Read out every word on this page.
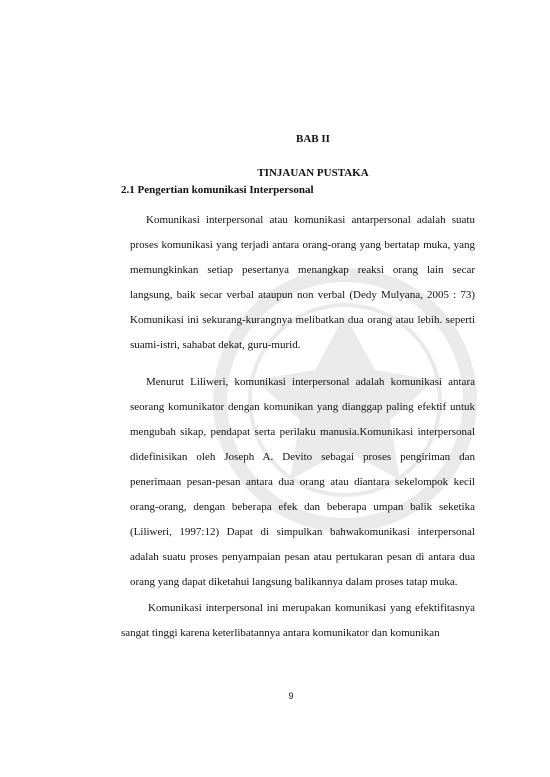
BAB II
TINJAUAN PUSTAKA
2.1 Pengertian komunikasi Interpersonal

Komunikasi interpersonal atau komunikasi antarpersonal adalah suatu proses komunikasi yang terjadi antara orang-orang yang bertatap muka, yang memungkinkan setiap pesertanya menangkap reaksi orang lain secar langsung, baik secar verbal ataupun non verbal (Dedy Mulyana, 2005 : 73) Komunikasi ini sekurang-kurangnya melibatkan dua orang atau lebih. seperti suami-istri, sahabat dekat, guru-murid.

Menurut Liliweri, komunikasi interpersonal adalah komunikasi antara seorang komunikator dengan komunikan yang dianggap paling efektif untuk mengubah sikap, pendapat serta perilaku manusia.Komunikasi interpersonal didefinisikan oleh Joseph A. Devito sebagai proses pengiriman dan penerimaan pesan-pesan antara dua orang atau diantara sekelompok kecil orang-orang, dengan beberapa efek dan beberapa umpan balik seketika (Liliweri, 1997:12) Dapat di simpulkan bahwakomunikasi interpersonal adalah suatu proses penyampaian pesan atau pertukaran pesan di antara dua orang yang dapat diketahui langsung balikannya dalam proses tatap muka.

Komunikasi interpersonal ini merupakan komunikasi yang efektifitasnya sangat tinggi karena keterlibatannya antara komunikator dan komunikan

9
